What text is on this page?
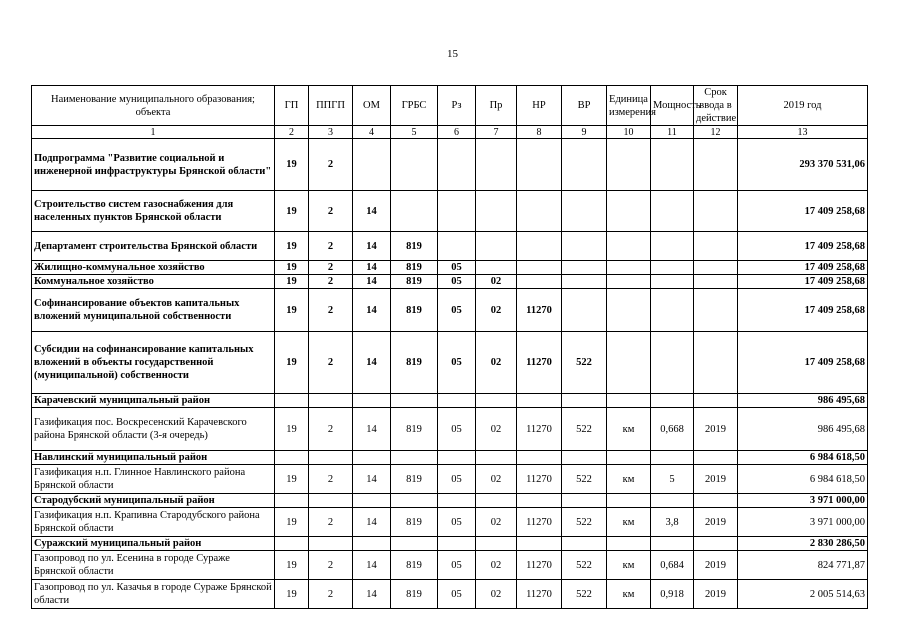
15
Наименование муниципального образования; объекта	ГП	ППГП	ОМ	ГРБС	Рз	Пр	НР	ВР	Единица измерения	Мощность	Срок ввода в действие	2019 год
1	2	3	4	5	6	7	8	9	10	11	12	13
Подпрограмма "Развитие социальной и инженерной инфраструктуры Брянской области"	19	2										293 370 531,06
Строительство систем газоснабжения для населенных пунктов Брянской области	19	2	14									17 409 258,68
Департамент строительства Брянской области	19	2	14	819								17 409 258,68
Жилищно-коммунальное хозяйство	19	2	14	819	05							17 409 258,68
Коммунальное хозяйство	19	2	14	819	05	02						17 409 258,68
Софинансирование объектов капитальных вложений муниципальной собственности	19	2	14	819	05	02	11270					17 409 258,68
Субсидии на софинансирование капитальных вложений в объекты государственной (муниципальной) собственности	19	2	14	819	05	02	11270	522				17 409 258,68
Карачевский муниципальный район												986 495,68
Газификация пос. Воскресенский Карачевского района Брянской области (3-я очередь)	19	2	14	819	05	02	11270	522	км	0,668	2019	986 495,68
Навлинский муниципальный район												6 984 618,50
Газификация н.п. Глинное Навлинского района Брянской области	19	2	14	819	05	02	11270	522	км	5	2019	6 984 618,50
Стародубский муниципальный район												3 971 000,00
Газификация н.п. Крапивна Стародубского района Брянской области	19	2	14	819	05	02	11270	522	км	3,8	2019	3 971 000,00
Суражский муниципальный район												2 830 286,50
Газопровод по ул. Есенина в городе Сураже Брянской области	19	2	14	819	05	02	11270	522	км	0,684	2019	824 771,87
Газопровод по ул. Казачья в городе Сураже Брянской области	19	2	14	819	05	02	11270	522	км	0,918	2019	2 005 514,63
